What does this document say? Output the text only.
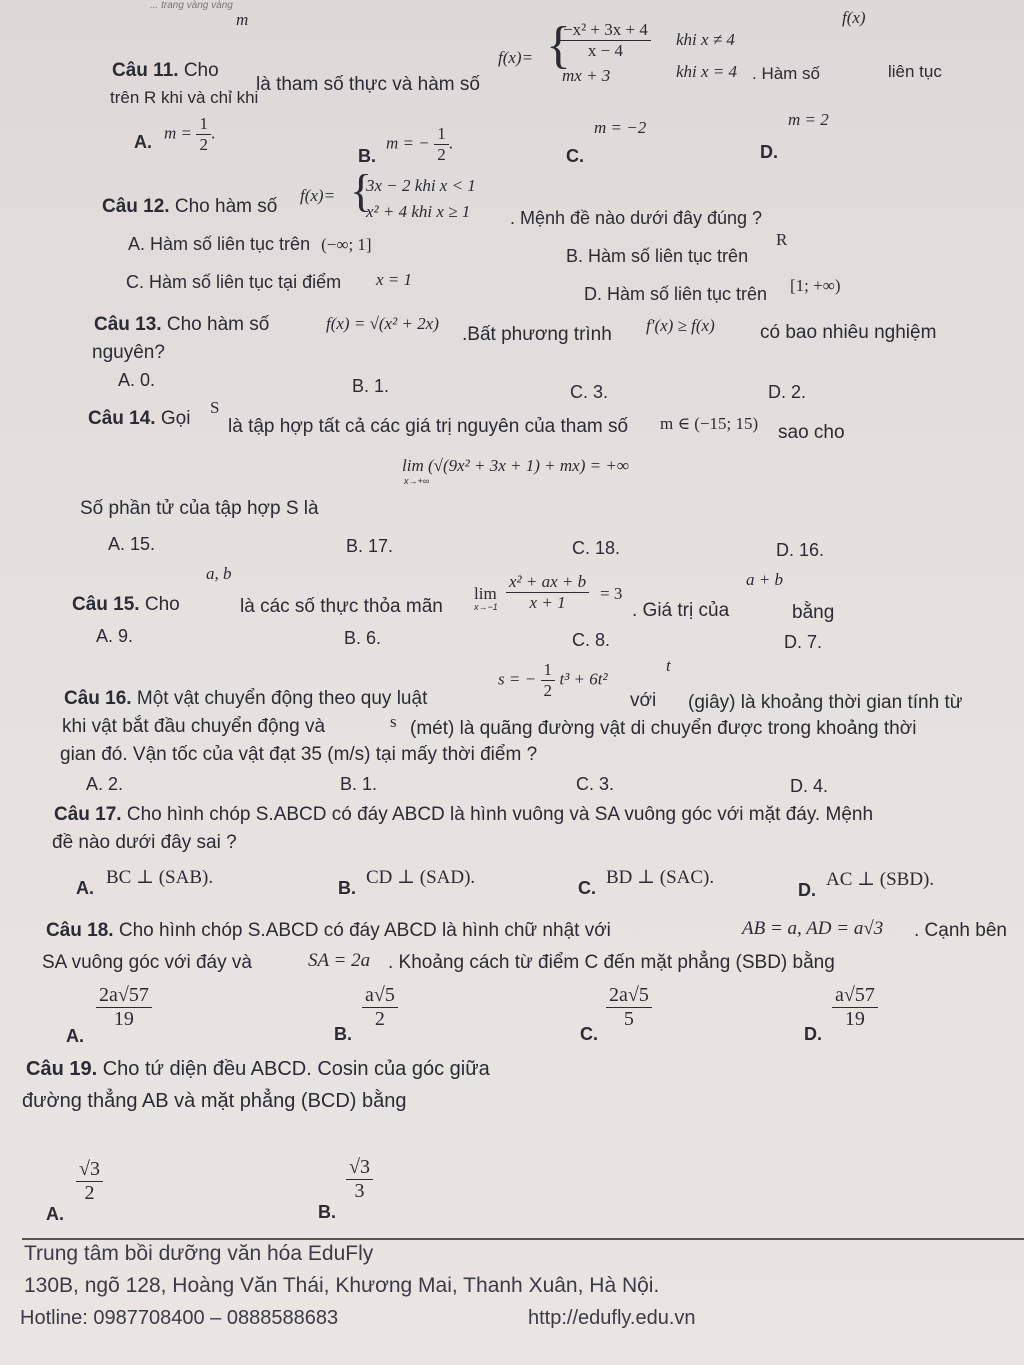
... trang vàng vàng
m	f(x)
Câu 11. Cho
là tham số thực và hàm số
trên R khi và chỉ khi
f(x)= {
$\frac{\text{−x² + 3x + 4}}{x - 4}$ khi x ≠ 4
mx + 3	khi x = 4 . Hàm số	liên tục
A. $m = \frac{1}{2}$ .
B.
m = − $\frac{1}{2}$ .
m = −2
C.
m = 2
D.
Câu 12. Cho hàm số
f(x)= {
3x − 2 khi x < 1
x² + 4 khi x ≥ 1 . Mệnh đề nào dưới đây đúng ?
A. Hàm số liên tục trên (−∞; 1]	R
B. Hàm số liên tục trên
C. Hàm số liên tục tại điểm x = 1
D. Hàm số liên tục trên [1; +∞)
Câu 13. Cho hàm số	f(x) = √(x² + 2x)
.Bất phương trình f′(x) ≥ f(x) có bao nhiêu nghiệm
nguyên?
A. 0.	B. 1.	C. 3.	D. 2.
Câu 14. Gọi
S
là tập hợp tất cả các giá trị nguyên của tham số m ∈ (−15; 15) sao cho
lim (√(9x² + 3x + 1) + mx) = +∞
x→+∞
Số phần tử của tập hợp S là
A. 15.	B. 17.	C. 18.	D. 16.
a, b	a + b
Câu 15. Cho	là các số thực thỏa mãn
lim
$x\to-1 \frac{\text{x² + ax + b}}{x + 1} = 3$
. Giá trị của	bằng
A. 9.	B. 6.	C. 8.	D. 7.
t
Câu 16. Một vật chuyển động theo quy luật
s = − $\frac{1}{2} t^3 + 6t^2$
với (giây) là khoảng thời gian tính từ
khi vật bắt đầu chuyển động và	s (mét) là quãng đường vật di chuyển được trong khoảng thời
gian đó. Vận tốc của vật đạt 35 (m/s) tại mấy thời điểm ?
A. 2.	B. 1.	C. 3.	D. 4.
Câu 17. Cho hình chóp S.ABCD có đáy ABCD là hình vuông và SA vuông góc với mặt đáy. Mệnh
đề nào dưới đây sai ?
A. BC ⊥ (SAB).	B. CD ⊥ (SAD).	C. BD ⊥ (SAC).
D. AC ⊥ (SBD).
Câu 18. Cho hình chóp S.ABCD có đáy ABCD là hình chữ nhật với	AB = a, AD = a√3 . Cạnh bên
SA vuông góc với đáy và	SA = 2a . Khoảng cách từ điểm C đến mặt phẳng (SBD) bằng
A.
$\frac{2a√57}{19}$
B.
$\frac{a√5}{2}$
C.
$\frac{2a√5}{5}$
D.
$\frac{a√57}{19}$
Câu 19. Cho tứ diện đều ABCD. Cosin của góc giữa
đường thẳng AB và mặt phẳng (BCD) bằng
A.
$\frac{√3}{2}$
B.
$\frac{√3}{3}$
Trung tâm bồi dưỡng văn hóa EduFly
130B, ngõ 128, Hoàng Văn Thái, Khương Mai, Thanh Xuân, Hà Nội.
Hotline: 0987708400 – 0888588683	http://edufly.edu.vn
